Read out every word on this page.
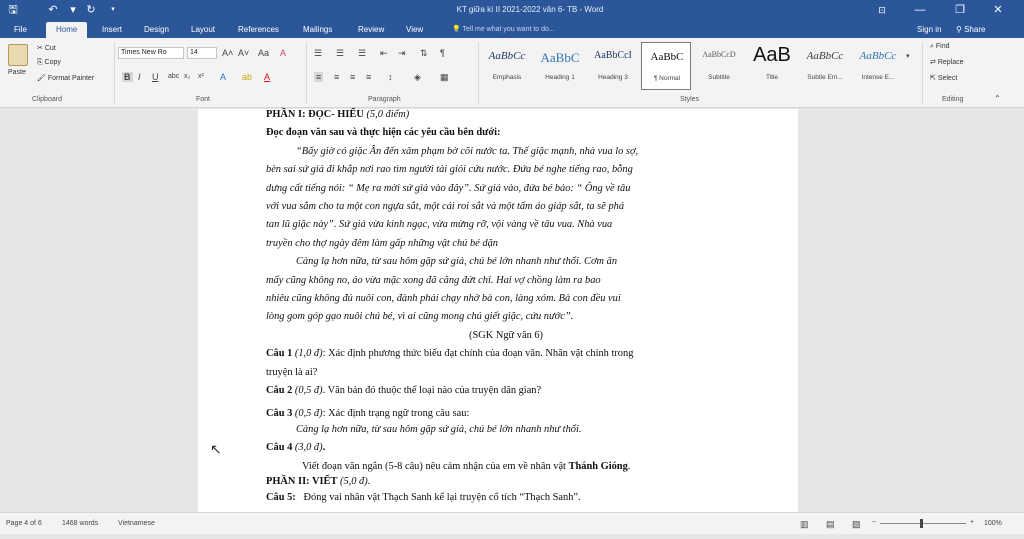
🖫	↶	▾ ↻	▾	KT giữa kì II 2021-2022 văn 6- TB - Word	⊡	—	❐	✕
File	Home	Insert	Design	Layout	References	Mailings	Review	View	💡 Tell me what you want to do...	Sign in ⚲ Share
Paste
✂ Cut
⎘ Copy
🖌 Format Painter
Clipboard
Times New Ro	14	A˄ A˅ Aa A
B I U abc x₂ x² A ab A
Font
☰ ☰ ☰ ⇤ ⇥ ⇅ ¶
≡ ≡ ≡ ≡ ↕ ◈ ▦
Paragraph
AaBbCc
Emphasis
AaBbC
Heading 1
AaBbCcI
Heading 3
AaBbC
¶ Normal
AaBbCcD
Subtitle
AaB
Title
AaBbCc
Subtle Em...
AaBbCc
Intense E...
▾
Styles
⌕ Find
⇄ Replace
⇱ Select
Editing	⌃

PHẦN I: ĐỌC- HIỂU (5,0 điểm)

Đọc đoạn văn sau và thực hiện các yêu cầu bên dưới:

“Bấy giờ có giặc Ân đến xâm phạm bờ cõi nước ta. Thế giặc mạnh, nhà vua lo sợ,

bèn sai sứ giả đi khắp nơi rao tìm người tài giỏi cứu nước. Đứa bé nghe tiếng rao, bỗng

dưng cất tiếng nói: “ Mẹ ra mời sứ giả vào đây”. Sứ giả vào, đứa bé bảo: “ Ông về tâu

với vua sắm cho ta một con ngựa sắt, một cái roi sắt và một tấm áo giáp sắt, ta sẽ phá

tan lũ giặc này”. Sứ giả vừa kinh ngạc, vừa mừng rỡ, vội vàng về tâu vua. Nhà vua

truyền cho thợ ngày đêm làm gấp những vật chú bé dặn

Càng lạ hơn nữa, từ sau hôm gặp sứ giả, chú bé lớn nhanh như thổi. Cơm ăn

mấy cũng không no, áo vừa mặc xong đã căng đứt chỉ. Hai vợ chồng làm ra bao

nhiêu cũng không đủ nuôi con, đành phải chạy nhờ bà con, làng xóm. Bà con đều vui

lòng gom góp gạo nuôi chú bé, vì ai cũng mong chú giết giặc, cứu nước”.

(SGK Ngữ văn 6)

Câu 1 (1,0 đ): Xác định phương thức biểu đạt chính của đoạn văn. Nhân vật chính trong

truyện là ai?

Câu 2 (0,5 đ). Văn bản đó thuộc thể loại nào của truyện dân gian?

Câu 3 (0,5 đ): Xác định trạng ngữ trong câu sau:

Càng lạ hơn nữa, từ sau hôm gặp sứ giả, chú bé lớn nhanh như thổi.

Câu 4 (3,0 đ).

Viết đoạn văn ngắn (5-8 câu) nêu cảm nhận của em về nhân vật Thánh Gióng.

PHẦN II: VIẾT (5,0 đ).

Câu 5: Đóng vai nhân vật Thạch Sanh kể lại truyện cổ tích “Thạch Sanh”.

↖
Page 4 of 6	1468 words	Vietnamese	▥ ▤ ▧ −	+ 100%
